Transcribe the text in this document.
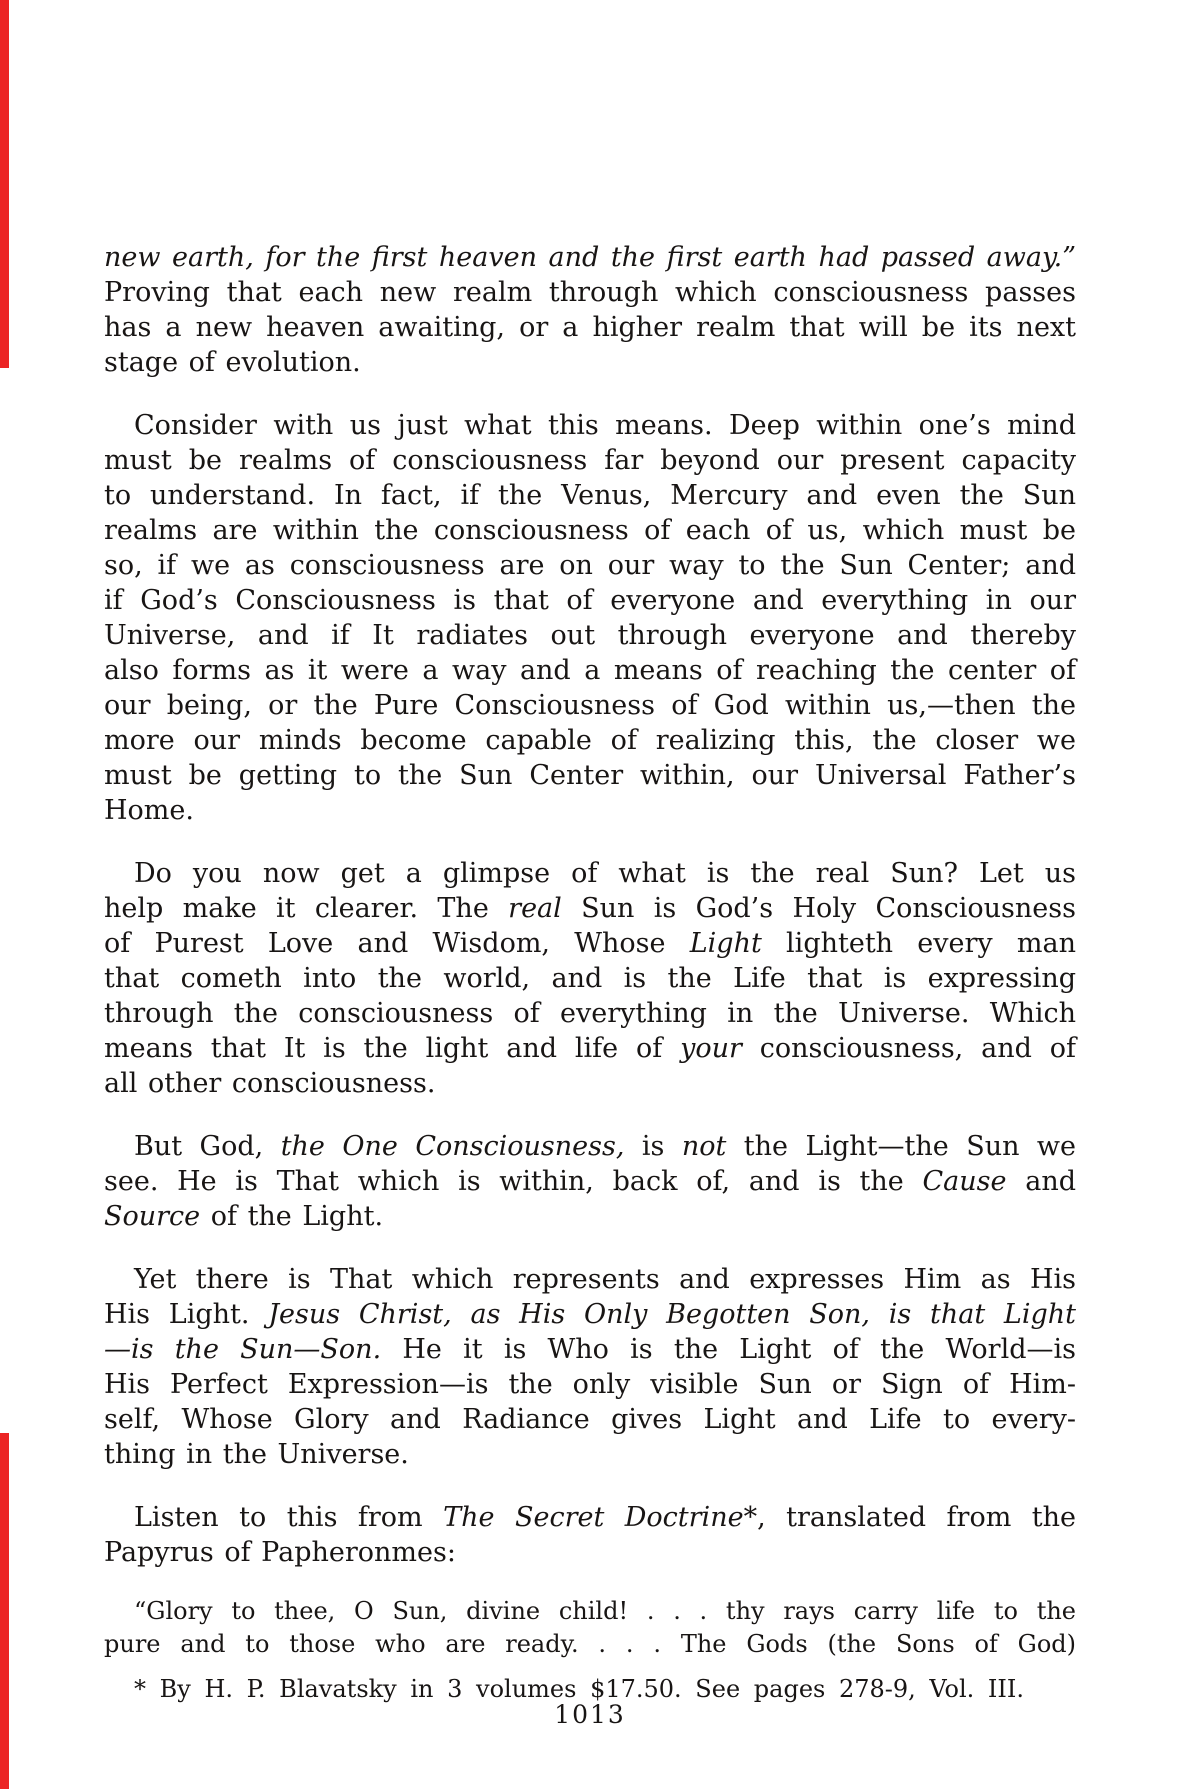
new earth, for the first heaven and the first earth had passed away.”
Proving that each new realm through which consciousness passes
has a new heaven awaiting, or a higher realm that will be its next
stage of evolution.
Consider with us just what this means. Deep within one’s mind
must be realms of consciousness far beyond our present capacity
to understand. In fact, if the Venus, Mercury and even the Sun
realms are within the consciousness of each of us, which must be
so, if we as consciousness are on our way to the Sun Center; and
if God’s Consciousness is that of everyone and everything in our
Universe, and if It radiates out through everyone and thereby
also forms as it were a way and a means of reaching the center of
our being, or the Pure Consciousness of God within us,—then the
more our minds become capable of realizing this, the closer we
must be getting to the Sun Center within, our Universal Father’s
Home.
Do you now get a glimpse of what is the real Sun? Let us
help make it clearer. The real Sun is God’s Holy Consciousness
of Purest Love and Wisdom, Whose Light lighteth every man
that cometh into the world, and is the Life that is expressing
through the consciousness of everything in the Universe. Which
means that It is the light and life of your consciousness, and of
all other consciousness.
But God, the One Consciousness, is not the Light—the Sun we
see. He is That which is within, back of, and is the Cause and
Source of the Light.
Yet there is That which represents and expresses Him as His
His Light. Jesus Christ, as His Only Begotten Son, is that Light
—is the Sun—Son. He it is Who is the Light of the World—is
His Perfect Expression—is the only visible Sun or Sign of Him-
self, Whose Glory and Radiance gives Light and Life to every-
thing in the Universe.
Listen to this from The Secret Doctrine*, translated from the
Papyrus of Papheronmes:
“Glory to thee, O Sun, divine child! . . . thy rays carry life to the
pure and to those who are ready. . . . The Gods (the Sons of God)
* By H. P. Blavatsky in 3 volumes $17.50. See pages 278-9, Vol. III.
1013
